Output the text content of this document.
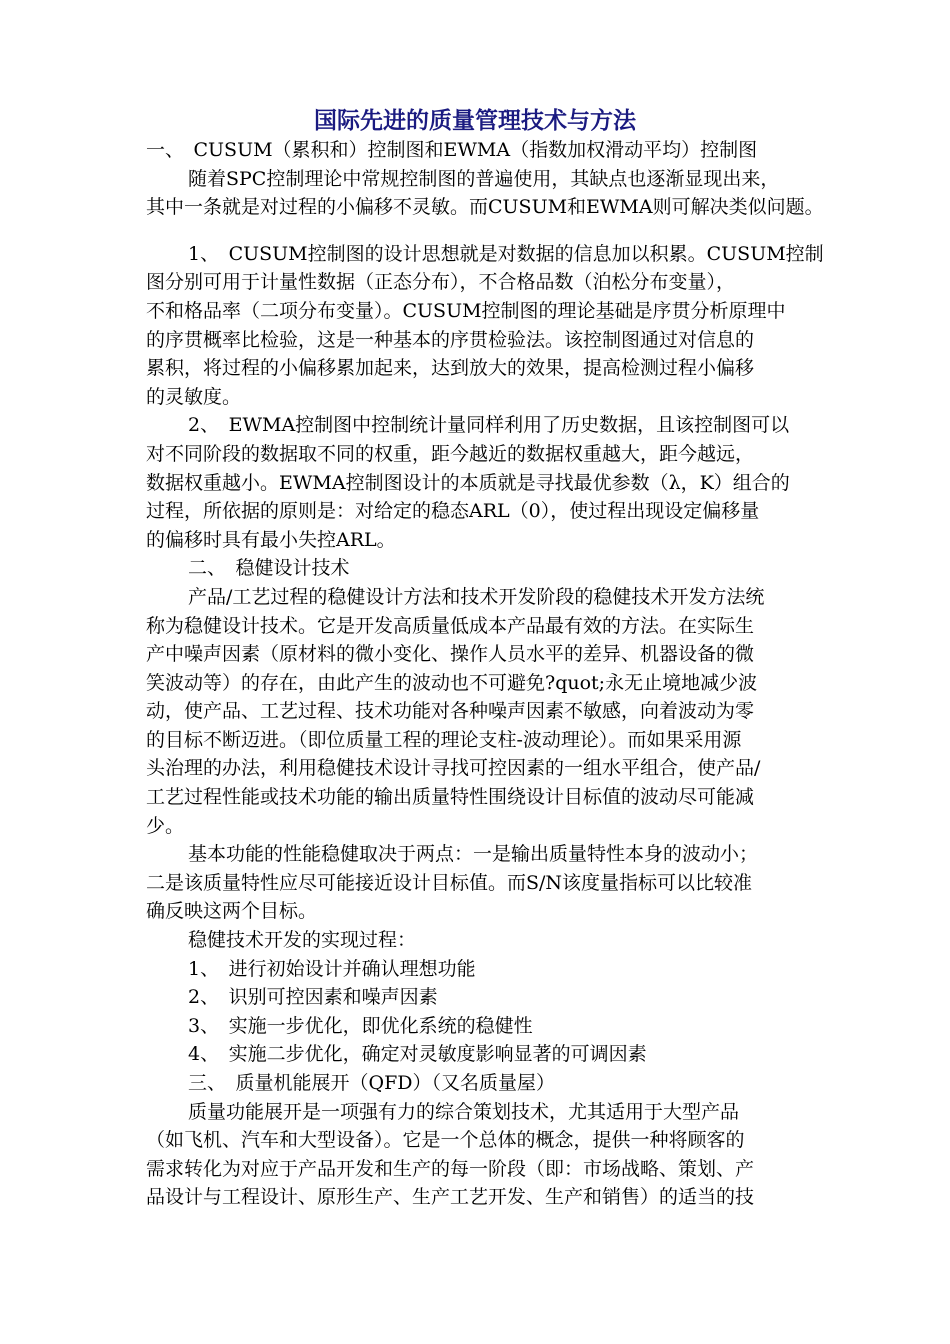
国际先进的质量管理技术与方法
一、　CUSUM（累积和）控制图和EWMA（指数加权滑动平均）控制图
随着SPC控制理论中常规控制图的普遍使用，其缺点也逐渐显现出来，
其中一条就是对过程的小偏移不灵敏。而CUSUM和EWMA则可解决类似问题。
1、　CUSUM控制图的设计思想就是对数据的信息加以积累。CUSUM控制
图分别可用于计量性数据（正态分布），不合格品数（泊松分布变量），
不和格品率（二项分布变量）。CUSUM控制图的理论基础是序贯分析原理中
的序贯概率比检验，这是一种基本的序贯检验法。该控制图通过对信息的
累积，将过程的小偏移累加起来，达到放大的效果，提高检测过程小偏移
的灵敏度。
2、　EWMA控制图中控制统计量同样利用了历史数据，且该控制图可以
对不同阶段的数据取不同的权重，距今越近的数据权重越大，距今越远，
数据权重越小。EWMA控制图设计的本质就是寻找最优参数（λ，K）组合的
过程，所依据的原则是：对给定的稳态ARL（0），使过程出现设定偏移量
的偏移时具有最小失控ARL。
二、　稳健设计技术
产品/工艺过程的稳健设计方法和技术开发阶段的稳健技术开发方法统
称为稳健设计技术。它是开发高质量低成本产品最有效的方法。在实际生
产中噪声因素（原材料的微小变化、操作人员水平的差异、机器设备的微
笑波动等）的存在，由此产生的波动也不可避免?quot;永无止境地减少波
动，使产品、工艺过程、技术功能对各种噪声因素不敏感，向着波动为零
的目标不断迈进。（即位质量工程的理论支柱-波动理论）。而如果采用源
头治理的办法，利用稳健技术设计寻找可控因素的一组水平组合，使产品/
工艺过程性能或技术功能的输出质量特性围绕设计目标值的波动尽可能减
少。
基本功能的性能稳健取决于两点：一是输出质量特性本身的波动小；
二是该质量特性应尽可能接近设计目标值。而S/N该度量指标可以比较准
确反映这两个目标。
稳健技术开发的实现过程：
1、　进行初始设计并确认理想功能
2、　识别可控因素和噪声因素
3、　实施一步优化，即优化系统的稳健性
4、　实施二步优化，确定对灵敏度影响显著的可调因素
三、　质量机能展开（QFD）（又名质量屋）
质量功能展开是一项强有力的综合策划技术，尤其适用于大型产品
（如飞机、汽车和大型设备）。它是一个总体的概念，提供一种将顾客的
需求转化为对应于产品开发和生产的每一阶段（即：市场战略、策划、产
品设计与工程设计、原形生产、生产工艺开发、生产和销售）的适当的技
